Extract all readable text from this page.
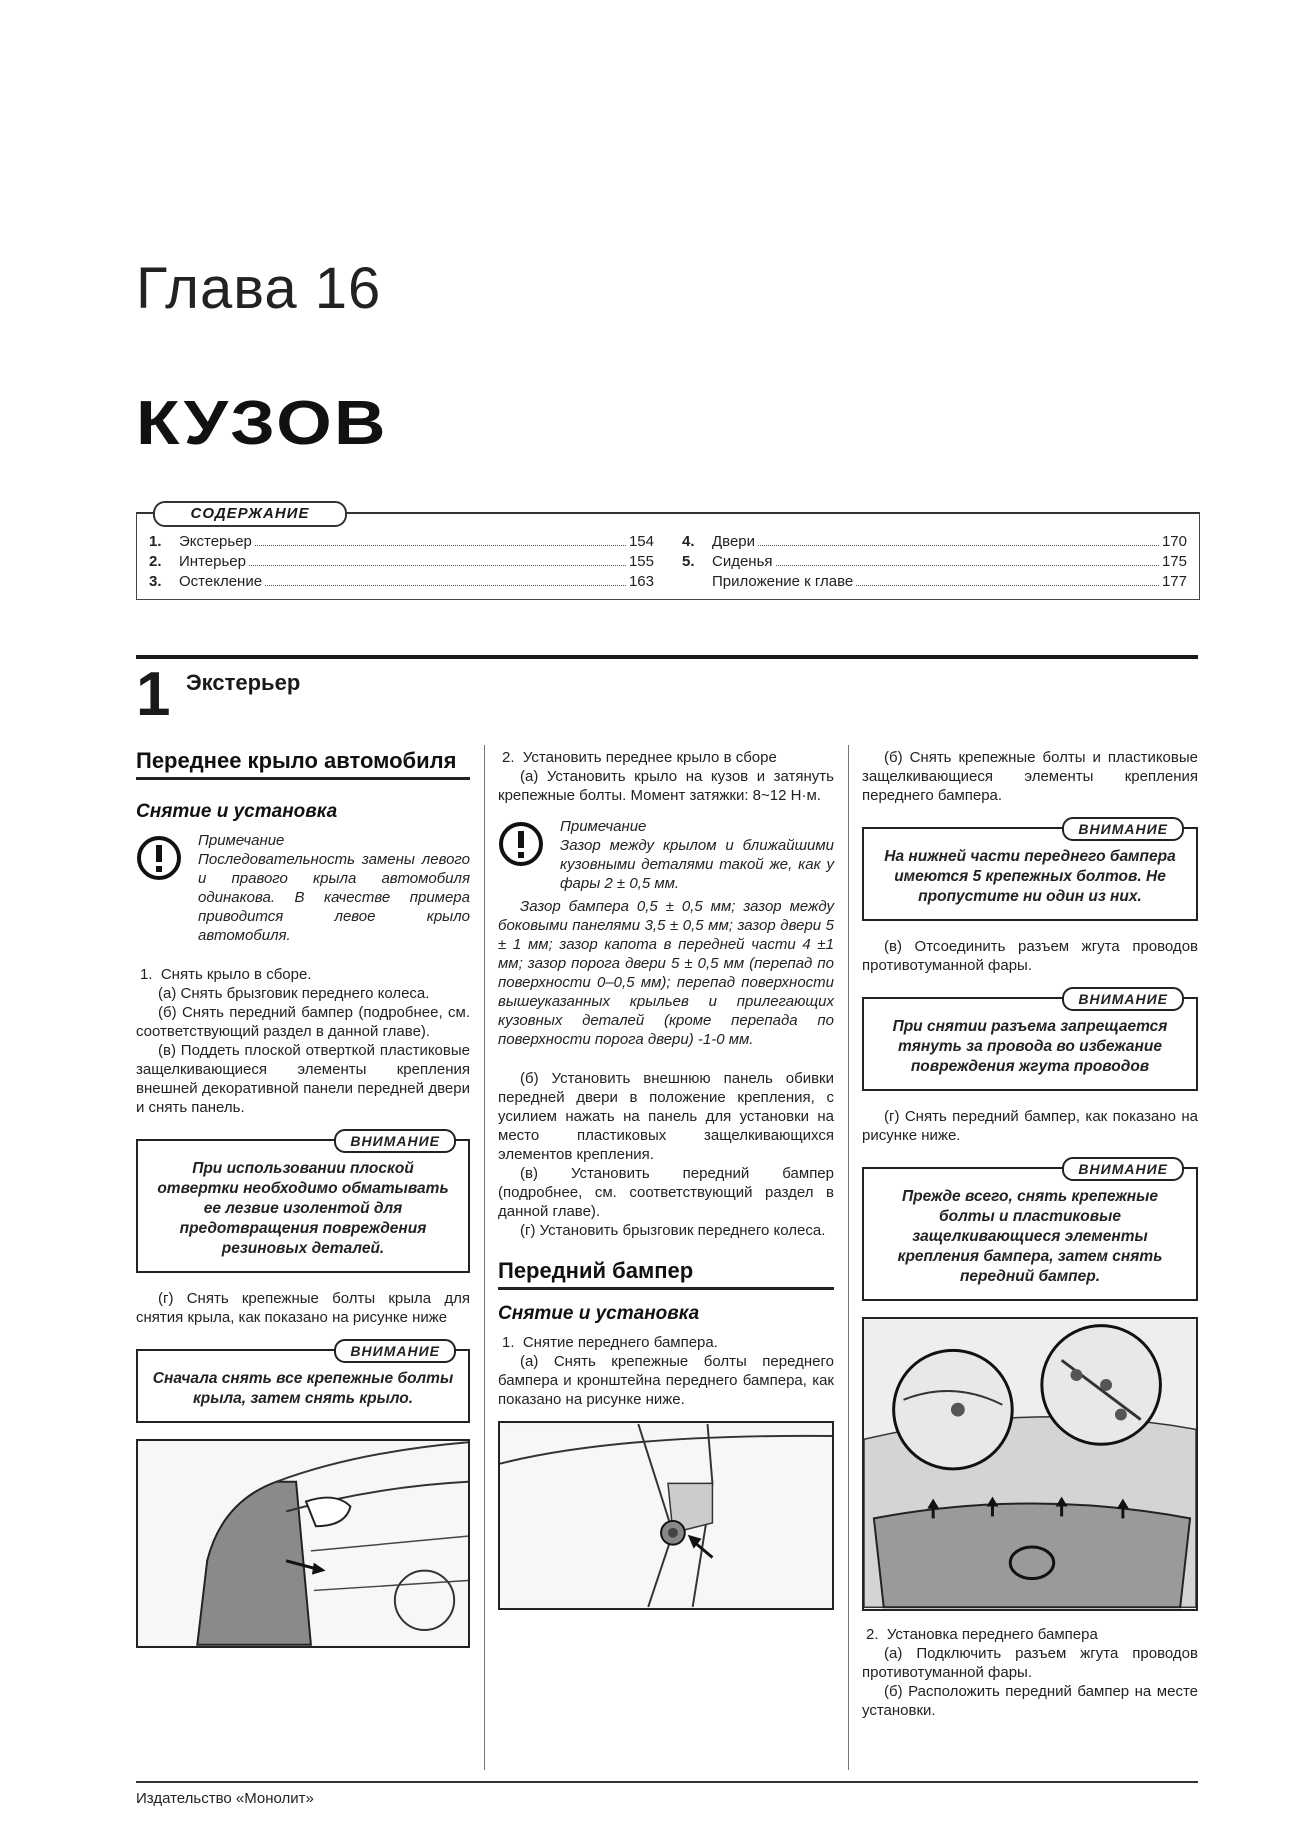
Глава 16
КУЗОВ
СОДЕРЖАНИЕ
1.	Экстерьер	154
2.	Интерьер	155
3.	Остекление	163
4.	Двери	170
5.	Сиденья	175
Приложение к главе	177
1 Экстерьер
Переднее крыло автомобиля
Снятие и установка
Примечание
Последовательность замены левого и правого крыла автомобиля одинакова. В качестве примера приводится левое крыло автомобиля.

1.  Снять крыло в сборе.

(а) Снять брызговик переднего колеса.

(б) Снять передний бампер (подробнее, см. соответствующий раздел в данной главе).

(в) Поддеть плоской отверткой пластиковые защелкивающиеся элементы крепления внешней декоративной панели передней двери и снять панель.

ВНИМАНИЕ
При использовании плоской отвертки необходимо обматывать ее лезвие изолентой для предотвращения повреждения резиновых деталей.

(г) Снять крепежные болты крыла для снятия крыла, как показано на рисунке ниже

ВНИМАНИЕ
Сначала снять все крепежные болты крыла, затем снять крыло.

2.  Установить переднее крыло в сборе

(а) Установить крыло на кузов и затянуть крепежные болты. Момент затяжки: 8~12 Н·м.

Примечание
Зазор между крылом и ближайшими кузовными деталями такой же, как у фары 2 ± 0,5 мм.

Зазор бампера 0,5 ± 0,5 мм; зазор между боковыми панелями 3,5 ± 0,5 мм; зазор двери 5 ± 1 мм; зазор капота в передней части 4 ±1 мм; зазор порога двери 5 ± 0,5 мм (перепад по поверхности 0–0,5 мм); перепад поверхности вышеуказанных крыльев и прилегающих кузовных деталей (кроме перепада по поверхности порога двери) -1-0 мм.

(б) Установить внешнюю панель обивки передней двери в положение крепления, с усилием нажать на панель для установки на место пластиковых защелкивающихся элементов крепления.

(в) Установить передний бампер (подробнее, см. соответствующий раздел в данной главе).

(г) Установить брызговик переднего колеса.

Передний бампер
Снятие и установка

1.  Снятие переднего бампера.

(а) Снять крепежные болты переднего бампера и кронштейна переднего бампера, как показано на рисунке ниже.

(б) Снять крепежные болты и пластиковые защелкивающиеся элементы крепления переднего бампера.

ВНИМАНИЕ
На нижней части переднего бампера имеются 5 крепежных болтов. Не пропустите ни один из них.

(в) Отсоединить разъем жгута проводов противотуманной фары.

ВНИМАНИЕ
При снятии разъема запрещается тянуть за провода во избежание повреждения жгута проводов

(г) Снять передний бампер, как показано на рисунке ниже.

ВНИМАНИЕ
Прежде всего, снять крепежные болты и пластиковые защелкивающиеся элементы крепления бампера, затем снять передний бампер.

2.  Установка переднего бампера

(а) Подключить разъем жгута проводов противотуманной фары.

(б) Расположить передний бампер на месте установки.

Издательство «Монолит»
